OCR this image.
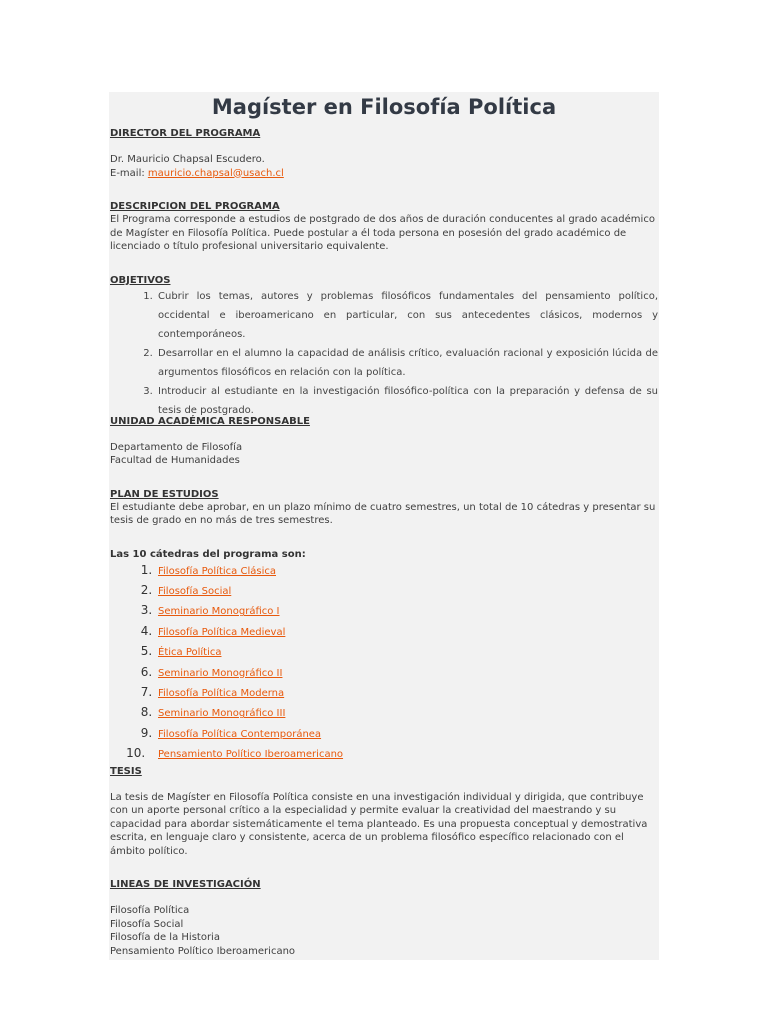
Magíster en Filosofía Política

DIRECTOR DEL PROGRAMA

Dr. Mauricio Chapsal Escudero.

E-mail: mauricio.chapsal@usach.cl

DESCRIPCION DEL PROGRAMA

El Programa corresponde a estudios de postgrado de dos años de duración conducentes al grado académico de Magíster en Filosofía Política. Puede postular a él toda persona en posesión del grado académico de licenciado o título profesional universitario equivalente.

OBJETIVOS

1. Cubrir los temas, autores y problemas filosóficos fundamentales del pensamiento político, occidental e iberoamericano en particular, con sus antecedentes clásicos, modernos y contemporáneos.
2. Desarrollar en el alumno la capacidad de análisis crítico, evaluación racional y exposición lúcida de argumentos filosóficos en relación con la política.
3. Introducir al estudiante en la investigación filosófico-política con la preparación y defensa de su tesis de postgrado.

UNIDAD ACADÉMICA RESPONSABLE

Departamento de Filosofía

Facultad de Humanidades

PLAN DE ESTUDIOS

El estudiante debe aprobar, en un plazo mínimo de cuatro semestres, un total de 10 cátedras y presentar su tesis de grado en no más de tres semestres.

Las 10 cátedras del programa son:

1. Filosofía Política Clásica
2. Filosofía Social
3. Seminario Monográfico I
4. Filosofía Política Medieval
5. Ética Política
6. Seminario Monográfico II
7. Filosofía Política Moderna
8. Seminario Monográfico III
9. Filosofía Política Contemporánea
10. Pensamiento Político Iberoamericano

TESIS

La tesis de Magíster en Filosofía Política consiste en una investigación individual y dirigida, que contribuye con un aporte personal crítico a la especialidad y permite evaluar la creatividad del maestrando y su capacidad para abordar sistemáticamente el tema planteado. Es una propuesta conceptual y demostrativa escrita, en lenguaje claro y consistente, acerca de un problema filosófico específico relacionado con el ámbito político.

LINEAS DE INVESTIGACIÓN

Filosofía Política

Filosofía Social

Filosofía de la Historia

Pensamiento Político Iberoamericano
